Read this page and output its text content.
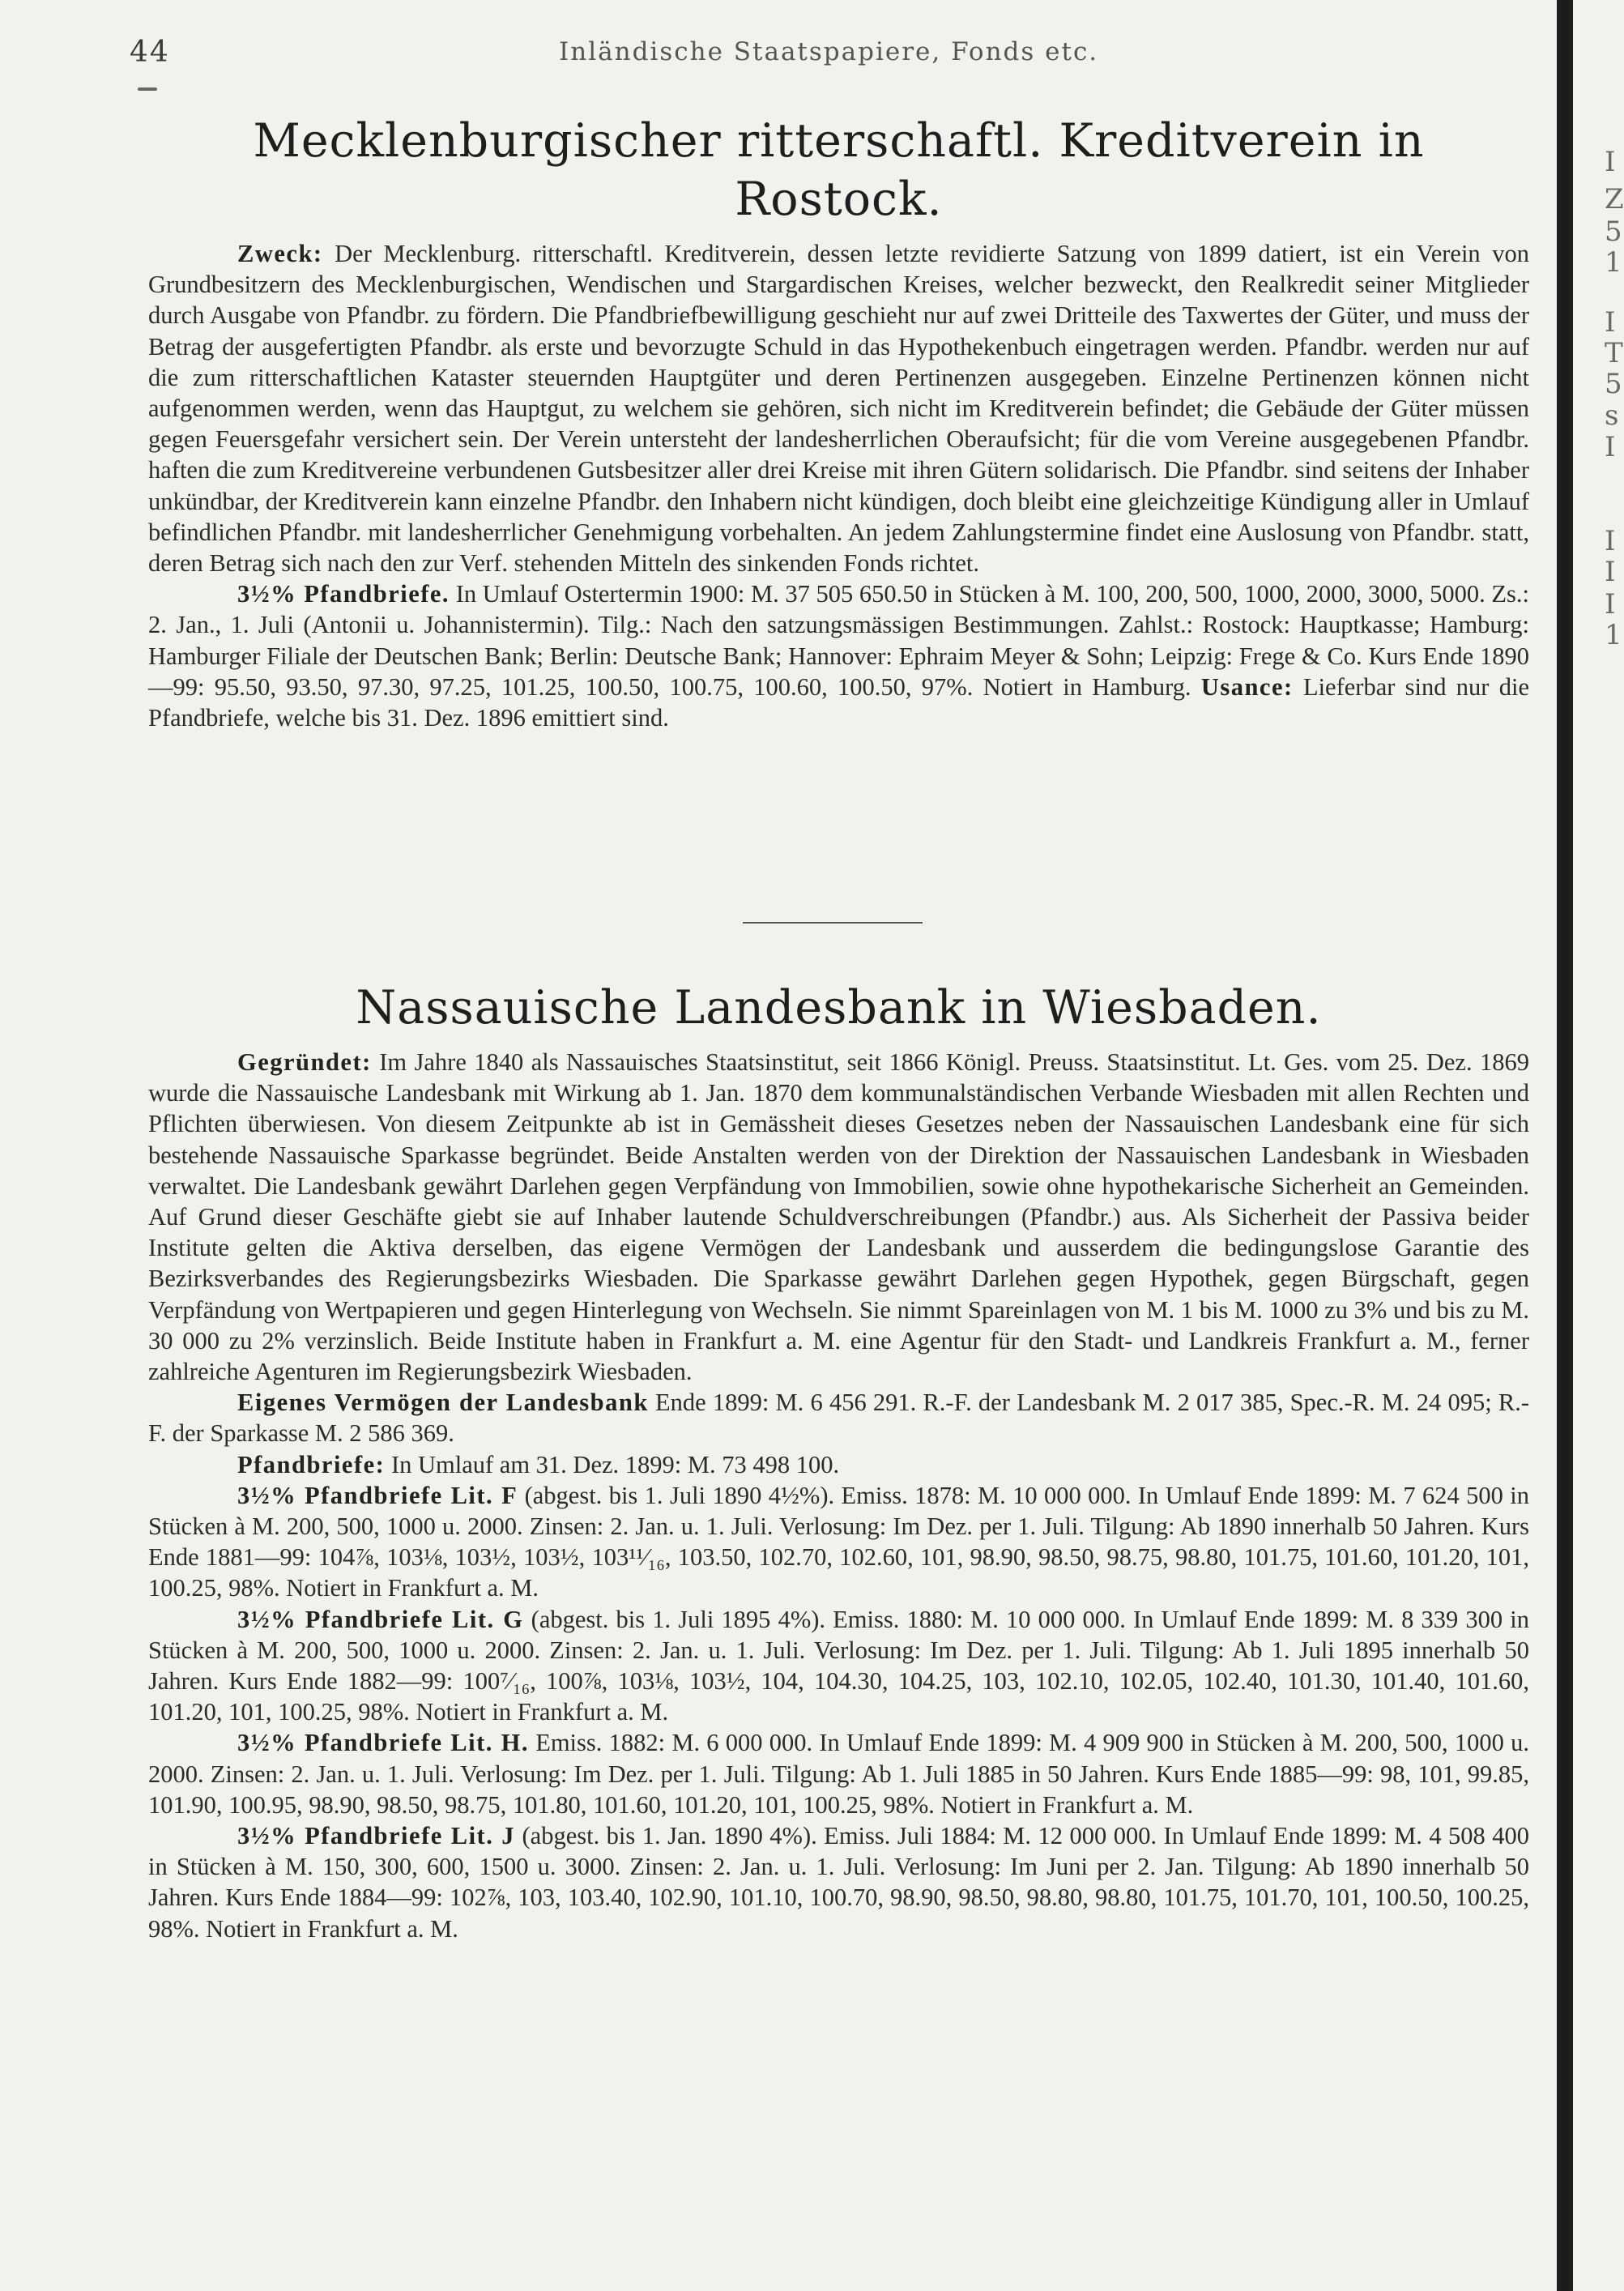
44	Inländische Staatspapiere, Fonds etc.
I
Z
5
1
I
T
5
s
I
I
I
I
1
Mecklenburgischer ritterschaftl. Kreditverein in Rostock.

Zweck: Der Mecklenburg. ritterschaftl. Kreditverein, dessen letzte revidierte Satzung von 1899 datiert, ist ein Verein von Grundbesitzern des Mecklenburgischen, Wendischen und Stargardischen Kreises, welcher bezweckt, den Realkredit seiner Mitglieder durch Ausgabe von Pfandbr. zu fördern. Die Pfandbriefbewilligung geschieht nur auf zwei Dritteile des Taxwertes der Güter, und muss der Betrag der ausgefertigten Pfandbr. als erste und bevorzugte Schuld in das Hypothekenbuch eingetragen werden. Pfandbr. werden nur auf die zum ritterschaftlichen Kataster steuernden Hauptgüter und deren Pertinenzen ausgegeben. Einzelne Pertinenzen können nicht aufgenommen werden, wenn das Hauptgut, zu welchem sie gehören, sich nicht im Kreditverein befindet; die Gebäude der Güter müssen gegen Feuersgefahr versichert sein. Der Verein untersteht der landesherrlichen Oberaufsicht; für die vom Vereine ausgegebenen Pfandbr. haften die zum Kreditvereine verbundenen Gutsbesitzer aller drei Kreise mit ihren Gütern solidarisch. Die Pfandbr. sind seitens der Inhaber unkündbar, der Kreditverein kann einzelne Pfandbr. den Inhabern nicht kündigen, doch bleibt eine gleichzeitige Kündigung aller in Umlauf befindlichen Pfandbr. mit landesherrlicher Genehmigung vorbehalten. An jedem Zahlungstermine findet eine Auslosung von Pfandbr. statt, deren Betrag sich nach den zur Verf. stehenden Mitteln des sinkenden Fonds richtet.

3½% Pfandbriefe. In Umlauf Ostertermin 1900: M. 37 505 650.50 in Stücken à M. 100, 200, 500, 1000, 2000, 3000, 5000. Zs.: 2. Jan., 1. Juli (Antonii u. Johannistermin). Tilg.: Nach den satzungsmässigen Bestimmungen. Zahlst.: Rostock: Hauptkasse; Hamburg: Hamburger Filiale der Deutschen Bank; Berlin: Deutsche Bank; Hannover: Ephraim Meyer & Sohn; Leipzig: Frege & Co. Kurs Ende 1890—99: 95.50, 93.50, 97.30, 97.25, 101.25, 100.50, 100.75, 100.60, 100.50, 97%. Notiert in Hamburg. Usance: Lieferbar sind nur die Pfandbriefe, welche bis 31. Dez. 1896 emittiert sind.

Nassauische Landesbank in Wiesbaden.

Gegründet: Im Jahre 1840 als Nassauisches Staatsinstitut, seit 1866 Königl. Preuss. Staatsinstitut. Lt. Ges. vom 25. Dez. 1869 wurde die Nassauische Landesbank mit Wirkung ab 1. Jan. 1870 dem kommunalständischen Verbande Wiesbaden mit allen Rechten und Pflichten überwiesen. Von diesem Zeitpunkte ab ist in Gemässheit dieses Gesetzes neben der Nassauischen Landesbank eine für sich bestehende Nassauische Sparkasse begründet. Beide Anstalten werden von der Direktion der Nassauischen Landesbank in Wiesbaden verwaltet. Die Landesbank gewährt Darlehen gegen Verpfändung von Immobilien, sowie ohne hypothekarische Sicherheit an Gemeinden. Auf Grund dieser Geschäfte giebt sie auf Inhaber lautende Schuldverschreibungen (Pfandbr.) aus. Als Sicherheit der Passiva beider Institute gelten die Aktiva derselben, das eigene Vermögen der Landesbank und ausserdem die bedingungslose Garantie des Bezirksverbandes des Regierungsbezirks Wiesbaden. Die Sparkasse gewährt Darlehen gegen Hypothek, gegen Bürgschaft, gegen Verpfändung von Wertpapieren und gegen Hinterlegung von Wechseln. Sie nimmt Spareinlagen von M. 1 bis M. 1000 zu 3% und bis zu M. 30 000 zu 2% verzinslich. Beide Institute haben in Frankfurt a. M. eine Agentur für den Stadt- und Landkreis Frankfurt a. M., ferner zahlreiche Agenturen im Regierungsbezirk Wiesbaden.

Eigenes Vermögen der Landesbank Ende 1899: M. 6 456 291. R.-F. der Landesbank M. 2 017 385, Spec.-R. M. 24 095; R.-F. der Sparkasse M. 2 586 369.

Pfandbriefe: In Umlauf am 31. Dez. 1899: M. 73 498 100.

3½% Pfandbriefe Lit. F (abgest. bis 1. Juli 1890 4½%). Emiss. 1878: M. 10 000 000. In Umlauf Ende 1899: M. 7 624 500 in Stücken à M. 200, 500, 1000 u. 2000. Zinsen: 2. Jan. u. 1. Juli. Verlosung: Im Dez. per 1. Juli. Tilgung: Ab 1890 innerhalb 50 Jahren. Kurs Ende 1881—99: 104⅞, 103⅛, 103½, 103½, 103¹¹⁄₁₆, 103.50, 102.70, 102.60, 101, 98.90, 98.50, 98.75, 98.80, 101.75, 101.60, 101.20, 101, 100.25, 98%. Notiert in Frankfurt a. M.

3½% Pfandbriefe Lit. G (abgest. bis 1. Juli 1895 4%). Emiss. 1880: M. 10 000 000. In Umlauf Ende 1899: M. 8 339 300 in Stücken à M. 200, 500, 1000 u. 2000. Zinsen: 2. Jan. u. 1. Juli. Verlosung: Im Dez. per 1. Juli. Tilgung: Ab 1. Juli 1895 innerhalb 50 Jahren. Kurs Ende 1882—99: 100⁷⁄₁₆, 100⅞, 103⅛, 103½, 104, 104.30, 104.25, 103, 102.10, 102.05, 102.40, 101.30, 101.40, 101.60, 101.20, 101, 100.25, 98%. Notiert in Frankfurt a. M.

3½% Pfandbriefe Lit. H. Emiss. 1882: M. 6 000 000. In Umlauf Ende 1899: M. 4 909 900 in Stücken à M. 200, 500, 1000 u. 2000. Zinsen: 2. Jan. u. 1. Juli. Verlosung: Im Dez. per 1. Juli. Tilgung: Ab 1. Juli 1885 in 50 Jahren. Kurs Ende 1885—99: 98, 101, 99.85, 101.90, 100.95, 98.90, 98.50, 98.75, 101.80, 101.60, 101.20, 101, 100.25, 98%. Notiert in Frankfurt a. M.

3½% Pfandbriefe Lit. J (abgest. bis 1. Jan. 1890 4%). Emiss. Juli 1884: M. 12 000 000. In Umlauf Ende 1899: M. 4 508 400 in Stücken à M. 150, 300, 600, 1500 u. 3000. Zinsen: 2. Jan. u. 1. Juli. Verlosung: Im Juni per 2. Jan. Tilgung: Ab 1890 innerhalb 50 Jahren. Kurs Ende 1884—99: 102⅞, 103, 103.40, 102.90, 101.10, 100.70, 98.90, 98.50, 98.80, 98.80, 101.75, 101.70, 101, 100.50, 100.25, 98%. Notiert in Frankfurt a. M.
